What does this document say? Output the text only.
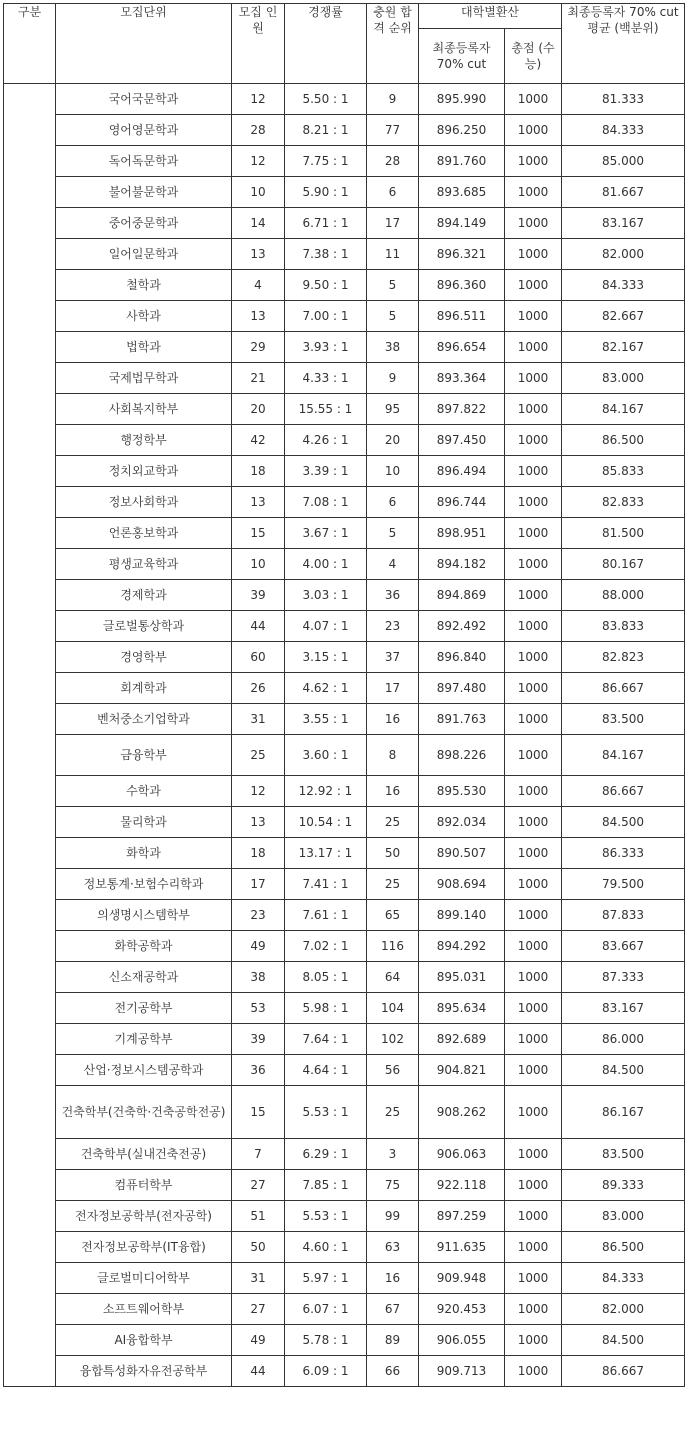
구분	모집단위	모집 인원	경쟁률	충원 합격 순위	대학별환산		최종등록자 70% cut 평균 (백분위)
					최종등록자 70% cut	총점 (수능)	
	국어국문학과	12	5.50 : 1	9	895.990	1000	81.333
	영어영문학과	28	8.21 : 1	77	896.250	1000	84.333
	독어독문학과	12	7.75 : 1	28	891.760	1000	85.000
	불어불문학과	10	5.90 : 1	6	893.685	1000	81.667
	중어중문학과	14	6.71 : 1	17	894.149	1000	83.167
	일어일문학과	13	7.38 : 1	11	896.321	1000	82.000
	철학과	4	9.50 : 1	5	896.360	1000	84.333
	사학과	13	7.00 : 1	5	896.511	1000	82.667
	법학과	29	3.93 : 1	38	896.654	1000	82.167
	국제법무학과	21	4.33 : 1	9	893.364	1000	83.000
	사회복지학부	20	15.55 : 1	95	897.822	1000	84.167
	행정학부	42	4.26 : 1	20	897.450	1000	86.500
	정치외교학과	18	3.39 : 1	10	896.494	1000	85.833
	정보사회학과	13	7.08 : 1	6	896.744	1000	82.833
	언론홍보학과	15	3.67 : 1	5	898.951	1000	81.500
	평생교육학과	10	4.00 : 1	4	894.182	1000	80.167
	경제학과	39	3.03 : 1	36	894.869	1000	88.000
	글로벌통상학과	44	4.07 : 1	23	892.492	1000	83.833
	경영학부	60	3.15 : 1	37	896.840	1000	82.823
	회계학과	26	4.62 : 1	17	897.480	1000	86.667
	벤처중소기업학과	31	3.55 : 1	16	891.763	1000	83.500
	금융학부	25	3.60 : 1	8	898.226	1000	84.167
	수학과	12	12.92 : 1	16	895.530	1000	86.667
	물리학과	13	10.54 : 1	25	892.034	1000	84.500
	화학과	18	13.17 : 1	50	890.507	1000	86.333
	정보통계·보험수리학과	17	7.41 : 1	25	908.694	1000	79.500
	의생명시스템학부	23	7.61 : 1	65	899.140	1000	87.833
	화학공학과	49	7.02 : 1	116	894.292	1000	83.667
	신소재공학과	38	8.05 : 1	64	895.031	1000	87.333
	전기공학부	53	5.98 : 1	104	895.634	1000	83.167
	기계공학부	39	7.64 : 1	102	892.689	1000	86.000
	산업·정보시스템공학과	36	4.64 : 1	56	904.821	1000	84.500
	건축학부(건축학·건축공학전공)	15	5.53 : 1	25	908.262	1000	86.167
	건축학부(실내건축전공)	7	6.29 : 1	3	906.063	1000	83.500
	컴퓨터학부	27	7.85 : 1	75	922.118	1000	89.333
	전자정보공학부(전자공학)	51	5.53 : 1	99	897.259	1000	83.000
	전자정보공학부(IT융합)	50	4.60 : 1	63	911.635	1000	86.500
	글로벌미디어학부	31	5.97 : 1	16	909.948	1000	84.333
	소프트웨어학부	27	6.07 : 1	67	920.453	1000	82.000
	AI융합학부	49	5.78 : 1	89	906.055	1000	84.500
	융합특성화자유전공학부	44	6.09 : 1	66	909.713	1000	86.667
